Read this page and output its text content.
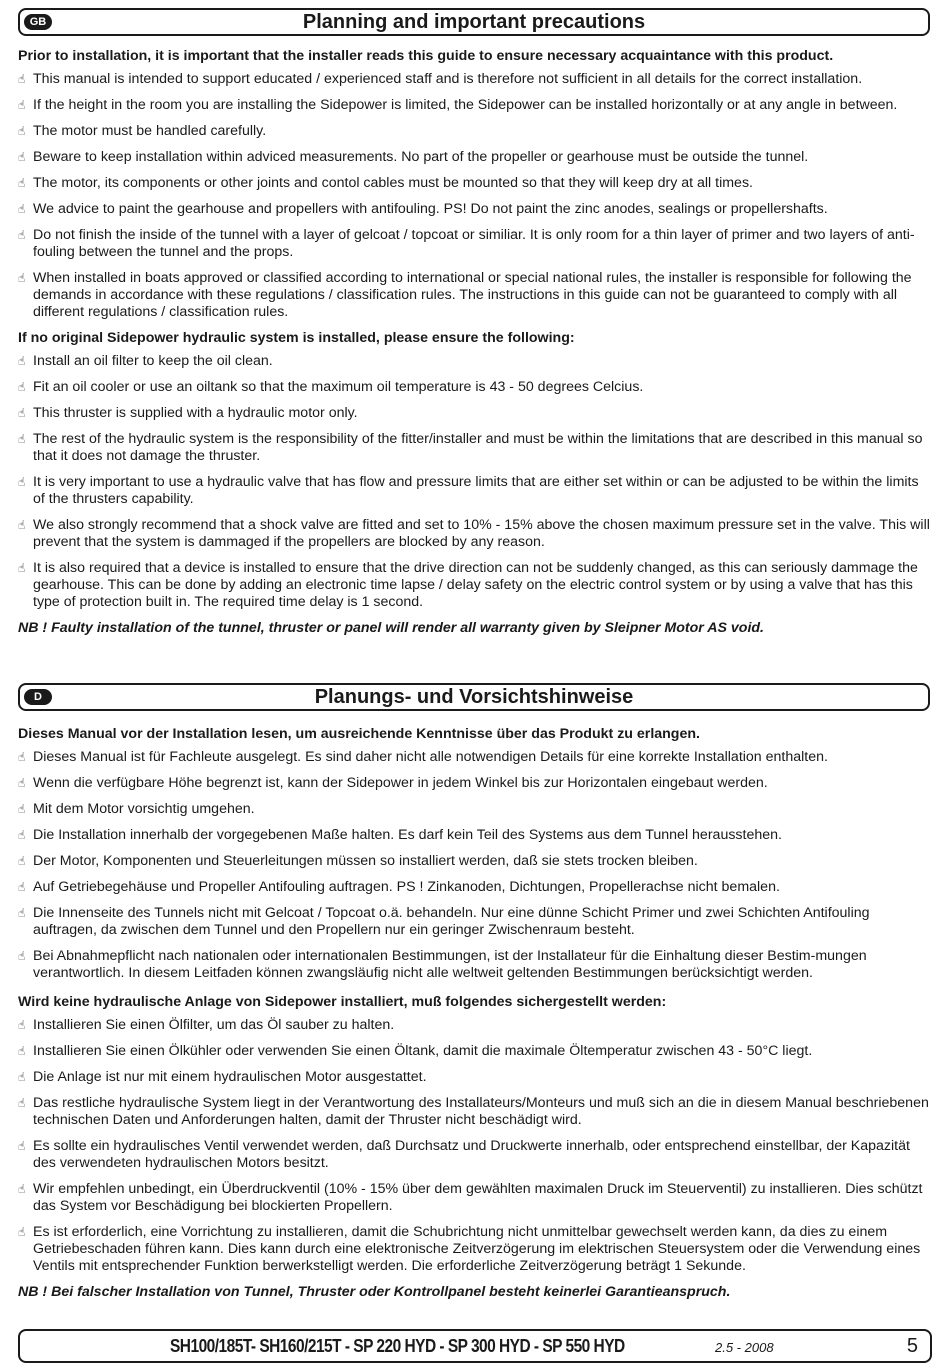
GB	Planning and important precautions

Prior to installation, it is important that the installer reads this guide to ensure necessary acquaintance with this product.

☝ This manual is intended to support educated / experienced staff and is therefore not sufficient in all details for the correct installation.

☝ If the height in the room you are installing the Sidepower is limited, the Sidepower can be installed horizontally or at any angle in between.

☝ The motor must be handled carefully.

☝ Beware to keep installation within adviced measurements. No part of the propeller or gearhouse must be outside the tunnel.

☝ The motor, its components or other joints and contol cables must be mounted so that they will keep dry at all times.

☝ We advice to paint the gearhouse and propellers with antifouling. PS! Do not paint the zinc anodes, sealings or propellershafts.

☝ Do not finish the inside of the tunnel with a layer of gelcoat / topcoat or similiar. It is only room for a thin layer of primer and two layers of anti-fouling between the tunnel and the props.

☝ When installed in boats approved or classified according to international or special national rules, the installer is responsible for following the demands in accordance with these regulations / classification rules. The instructions in this guide can not be guaranteed to comply with all different regulations / classification rules.

If no original Sidepower hydraulic system is installed, please ensure the following:

☝ Install an oil filter to keep the oil clean.

☝ Fit an oil cooler or use an oiltank so that the maximum oil temperature is 43 - 50 degrees Celcius.

☝ This thruster is supplied with a hydraulic motor only.

☝ The rest of the hydraulic system is the responsibility of the fitter/installer and must be within the limitations that are described in this manual so that it does not damage the thruster.

☝ It is very important to use a hydraulic valve that has flow and pressure limits that are either set within or can be adjusted to be within the limits of the thrusters capability.

☝ We also strongly recommend that a shock valve are fitted and set to 10% - 15% above the chosen maximum pressure set in the valve. This will prevent that the system is dammaged if the propellers are blocked by any reason.

☝ It is also required that a device is installed to ensure that the drive direction can not be suddenly changed, as this can seriously dammage the gearhouse. This can be done by adding an electronic time lapse / delay safety on the electric control system or by using a valve that has this type of protection built in. The required time delay is 1 second.

NB ! Faulty installation of the tunnel, thruster or panel will render all warranty given by Sleipner Motor AS void.

D	Planungs- und Vorsichtshinweise

Dieses Manual vor der Installation lesen, um ausreichende Kenntnisse über das Produkt zu erlangen.

☝ Dieses Manual ist für Fachleute ausgelegt. Es sind daher nicht alle notwendigen Details für eine korrekte Installation enthalten.

☝ Wenn die verfügbare Höhe begrenzt ist, kann der Sidepower in jedem Winkel bis zur Horizontalen eingebaut werden.

☝ Mit dem Motor vorsichtig umgehen.

☝ Die Installation innerhalb der vorgegebenen Maße halten. Es darf kein Teil des Systems aus dem Tunnel herausstehen.

☝ Der Motor, Komponenten und Steuerleitungen müssen so installiert werden, daß sie stets trocken bleiben.

☝ Auf Getriebegehäuse und Propeller Antifouling auftragen. PS ! Zinkanoden, Dichtungen, Propellerachse nicht bemalen.

☝ Die Innenseite des Tunnels nicht mit Gelcoat / Topcoat o.ä. behandeln. Nur eine dünne Schicht Primer und zwei Schichten Antifouling auftragen, da zwischen dem Tunnel und den Propellern nur ein geringer Zwischenraum besteht.

☝ Bei Abnahmepflicht nach nationalen oder internationalen Bestimmungen, ist der Installateur für die Einhaltung dieser Bestim-mungen verantwortlich. In diesem Leitfaden können zwangsläufig nicht alle weltweit geltenden Bestimmungen berücksichtigt werden.

Wird keine hydraulische Anlage von Sidepower installiert, muß folgendes sichergestellt werden:

☝ Installieren Sie einen Ölfilter, um das Öl sauber zu halten.

☝ Installieren Sie einen Ölkühler oder verwenden Sie einen Öltank, damit die maximale Öltemperatur zwischen 43 - 50°C liegt.

☝ Die Anlage ist nur mit einem hydraulischen Motor ausgestattet.

☝ Das restliche hydraulische System liegt in der Verantwortung des Installateurs/Monteurs und muß sich an die in diesem Manual beschriebenen technischen Daten und Anforderungen halten, damit der Thruster nicht beschädigt wird.

☝ Es sollte ein hydraulisches Ventil verwendet werden, daß Durchsatz und Druckwerte innerhalb, oder entsprechend einstellbar, der Kapazität des verwendeten hydraulischen Motors besitzt.

☝ Wir empfehlen unbedingt, ein Überdruckventil (10% - 15% über dem gewählten maximalen Druck im Steuerventil) zu installieren. Dies schützt das System vor Beschädigung bei blockierten Propellern.

☝ Es ist erforderlich, eine Vorrichtung zu installieren, damit die Schubrichtung nicht unmittelbar gewechselt werden kann, da dies zu einem Getriebeschaden führen kann. Dies kann durch eine elektronische Zeitverzögerung im elektrischen Steuersystem oder die Verwendung eines Ventils mit entsprechender Funktion berwerkstelligt werden. Die erforderliche Zeitverzögerung beträgt 1 Sekunde.

NB ! Bei falscher Installation von Tunnel, Thruster oder Kontrollpanel besteht keinerlei Garantieanspruch.

SH100/185T- SH160/215T - SP 220 HYD - SP 300 HYD - SP 550 HYD	2.5 - 2008	5
